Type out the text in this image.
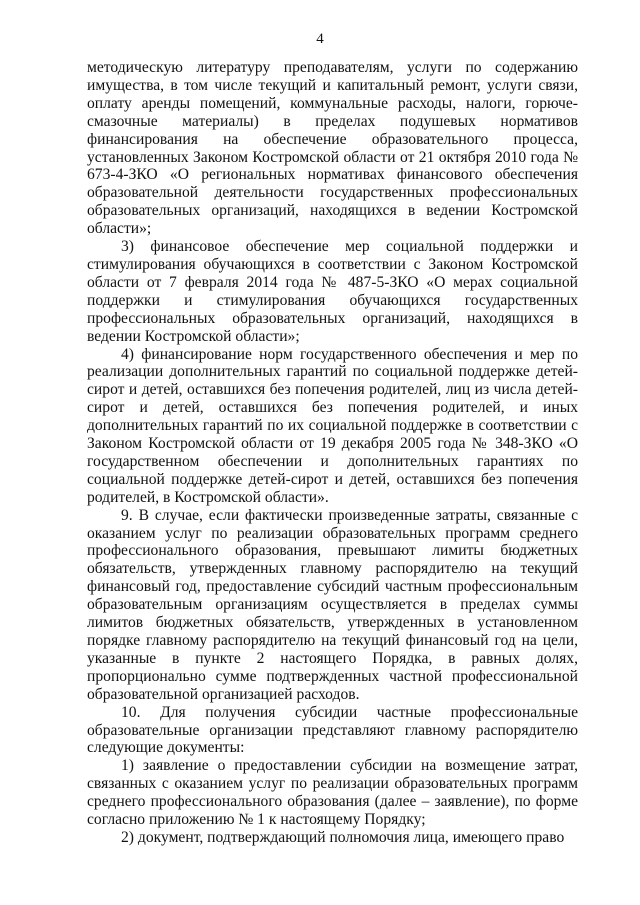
4

методическую литературу преподавателям, услуги по содержанию имущества, в том числе текущий и капитальный ремонт, услуги связи, оплату аренды помещений, коммунальные расходы, налоги, горюче-смазочные материалы) в пределах подушевых нормативов финансирования на обеспечение образовательного процесса, установленных Законом Костромской области от 21 октября 2010 года № 673-4-ЗКО «О региональных нормативах финансового обеспечения образовательной деятельности государственных профессиональных образовательных организаций, находящихся в ведении Костромской области»;

3) финансовое обеспечение мер социальной поддержки и стимулирования обучающихся в соответствии с Законом Костромской области от 7 февраля 2014 года № 487-5-ЗКО «О мерах социальной поддержки и стимулирования обучающихся государственных профессиональных образовательных организаций, находящихся в ведении Костромской области»;

4) финансирование норм государственного обеспечения и мер по реализации дополнительных гарантий по социальной поддержке детей-сирот и детей, оставшихся без попечения родителей, лиц из числа детей-сирот и детей, оставшихся без попечения родителей, и иных дополнительных гарантий по их социальной поддержке в соответствии с Законом Костромской области от 19 декабря 2005 года № 348-ЗКО «О государственном обеспечении и дополнительных гарантиях по социальной поддержке детей-сирот и детей, оставшихся без попечения родителей, в Костромской области».

9. В случае, если фактически произведенные затраты, связанные с оказанием услуг по реализации образовательных программ среднего профессионального образования, превышают лимиты бюджетных обязательств, утвержденных главному распорядителю на текущий финансовый год, предоставление субсидий частным профессиональным образовательным организациям осуществляется в пределах суммы лимитов бюджетных обязательств, утвержденных в установленном порядке главному распорядителю на текущий финансовый год на цели, указанные в пункте 2 настоящего Порядка, в равных долях, пропорционально сумме подтвержденных частной профессиональной образовательной организацией расходов.

10. Для получения субсидии частные профессиональные образовательные организации представляют главному распорядителю следующие документы:

1) заявление о предоставлении субсидии на возмещение затрат, связанных с оказанием услуг по реализации образовательных программ среднего профессионального образования (далее – заявление), по форме согласно приложению № 1 к настоящему Порядку;

2) документ, подтверждающий полномочия лица, имеющего право
